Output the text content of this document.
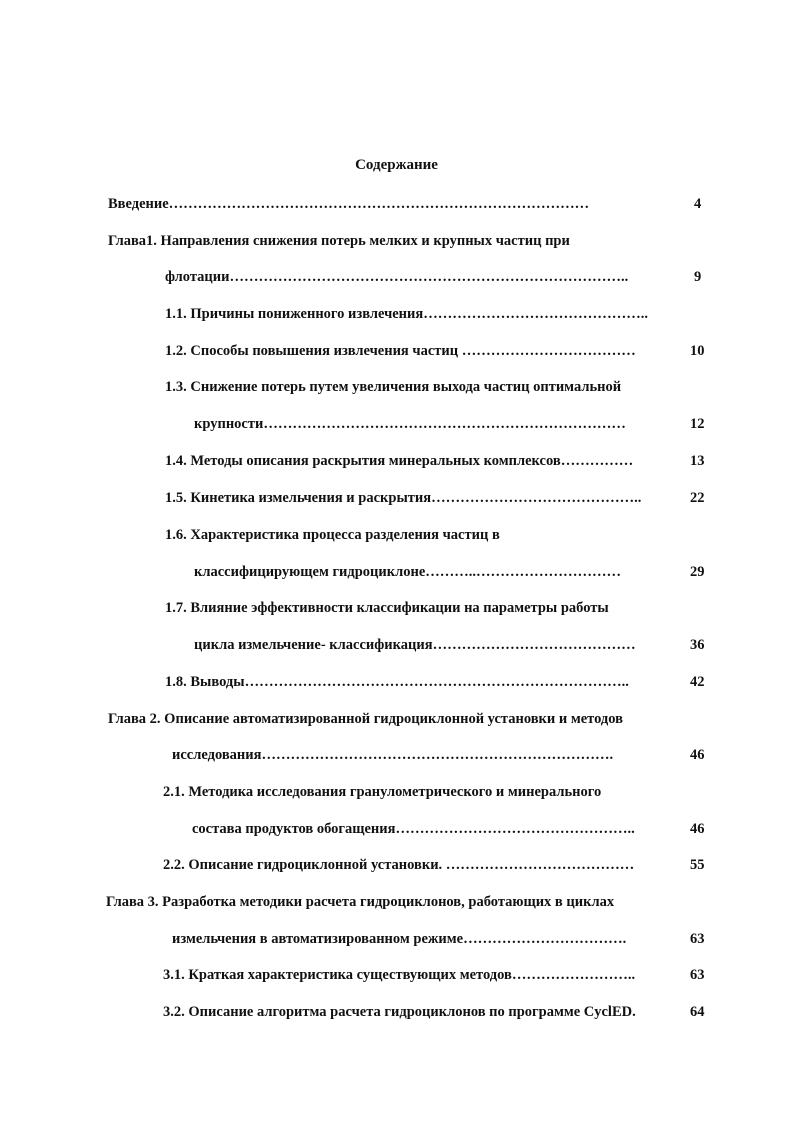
Содержание
Введение……………………………………………………………………………	4
Глава1. Направления снижения потерь мелких и крупных частиц при
флотации………………………………………………………………………..	9
1.1. Причины пониженного извлечения………………………………………..
1.2. Способы повышения извлечения частиц ………………………………	10
1.3. Снижение потерь путем увеличения выхода частиц оптимальной
крупности…………………………………………………………………	12
1.4. Методы описания раскрытия минеральных комплексов……………	13
1.5. Кинетика измельчения и раскрытия……………………………………..	22
1.6. Характеристика процесса разделения частиц в
классифицирующем гидроциклоне………..…………………………	29
1.7. Влияние эффективности классификации на параметры работы
цикла измельчение- классификация……………………………………	36
1.8. Выводы……………………………………………………………………..	42
Глава 2. Описание автоматизированной гидроциклонной установки и методов
исследования……………………………………………………………….	46
2.1. Методика исследования гранулометрического и минерального
состава продуктов обогащения…………………………………………..	46
2.2. Описание гидроциклонной установки. …………………………………	55
Глава 3. Разработка методики расчета гидроциклонов, работающих в циклах
измельчения в автоматизированном режиме…………………………….	63
3.1. Краткая характеристика существующих методов……………………..	63
3.2. Описание алгоритма расчета гидроциклонов по программе CyclED.	64
